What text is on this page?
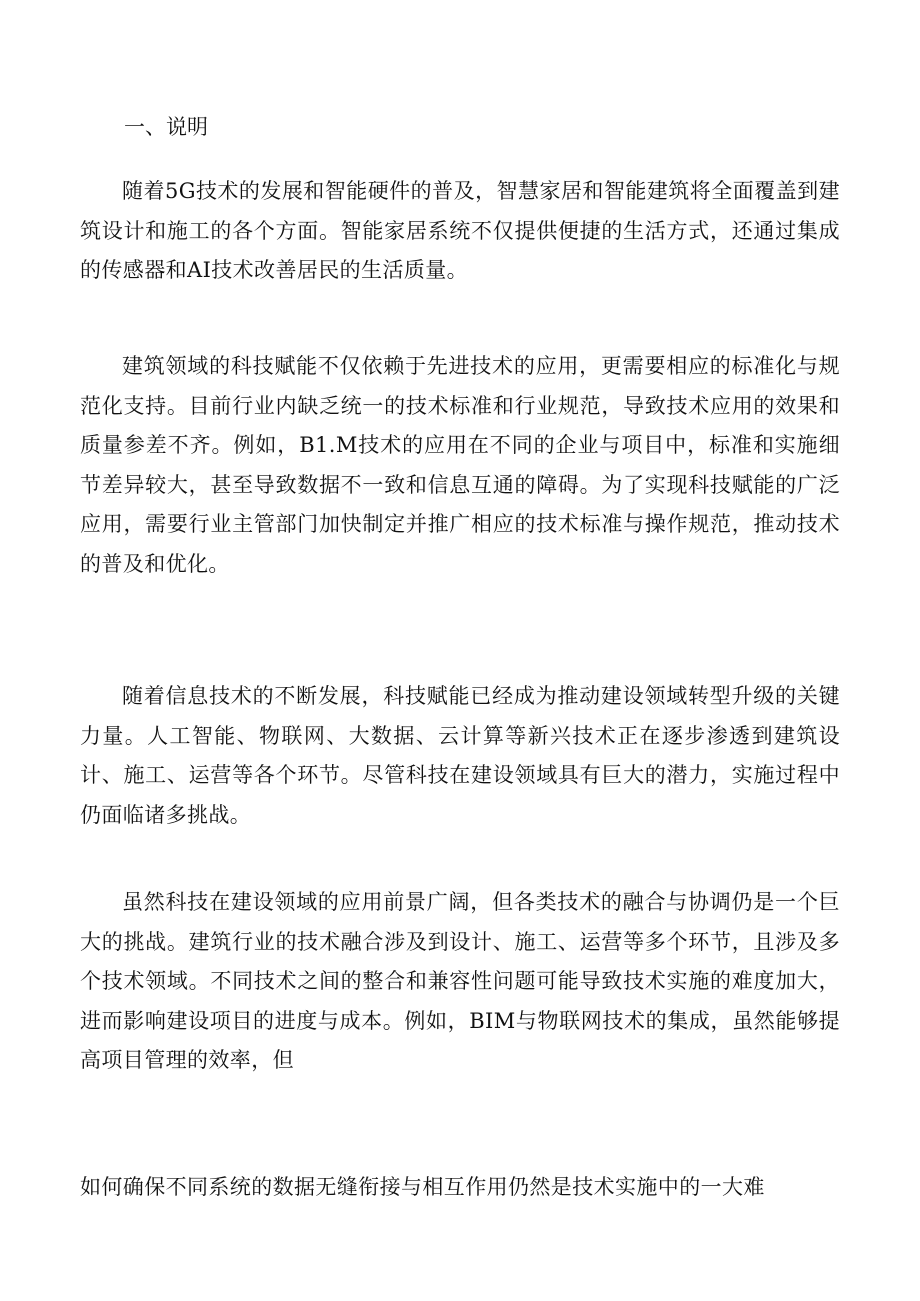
一、说明

随着5G技术的发展和智能硬件的普及，智慧家居和智能建筑将全面覆盖到建筑设计和施工的各个方面。智能家居系统不仅提供便捷的生活方式，还通过集成的传感器和AI技术改善居民的生活质量。

建筑领域的科技赋能不仅依赖于先进技术的应用，更需要相应的标准化与规范化支持。目前行业内缺乏统一的技术标准和行业规范，导致技术应用的效果和质量参差不齐。例如，B1.M技术的应用在不同的企业与项目中，标准和实施细节差异较大，甚至导致数据不一致和信息互通的障碍。为了实现科技赋能的广泛应用，需要行业主管部门加快制定并推广相应的技术标准与操作规范，推动技术的普及和优化。

随着信息技术的不断发展，科技赋能已经成为推动建设领域转型升级的关键力量。人工智能、物联网、大数据、云计算等新兴技术正在逐步渗透到建筑设计、施工、运营等各个环节。尽管科技在建设领域具有巨大的潜力，实施过程中仍面临诸多挑战。

虽然科技在建设领域的应用前景广阔，但各类技术的融合与协调仍是一个巨大的挑战。建筑行业的技术融合涉及到设计、施工、运营等多个环节，且涉及多个技术领域。不同技术之间的整合和兼容性问题可能导致技术实施的难度加大，进而影响建设项目的进度与成本。例如，BIM与物联网技术的集成，虽然能够提高项目管理的效率，但

如何确保不同系统的数据无缝衔接与相互作用仍然是技术实施中的一大难
